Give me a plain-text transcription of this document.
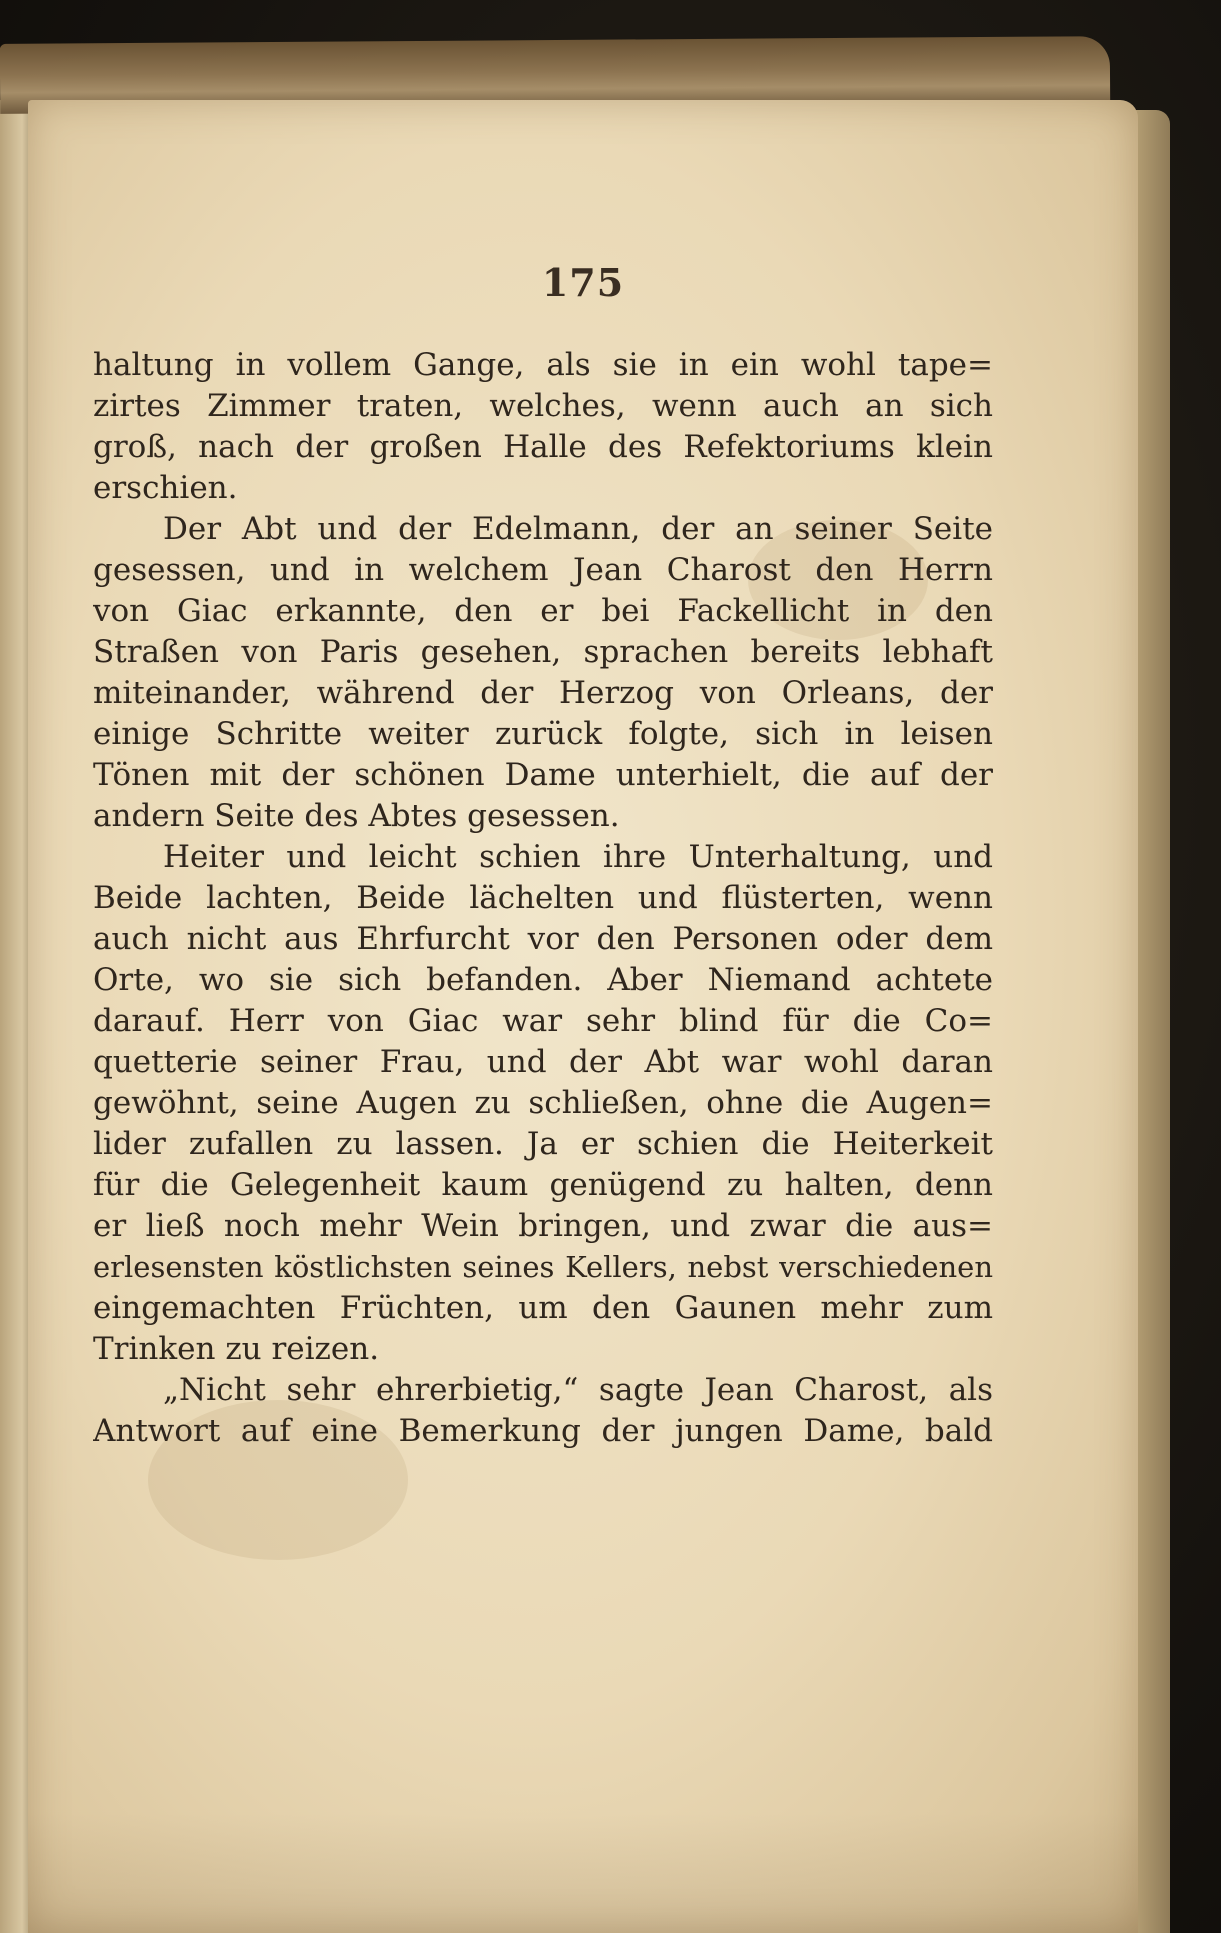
175
haltung in vollem Gange, als sie in ein wohl tape=
zirtes Zimmer traten, welches, wenn auch an sich
groß, nach der großen Halle des Refektoriums klein
erschien.
Der Abt und der Edelmann, der an seiner Seite
gesessen, und in welchem Jean Charost den Herrn
von Giac erkannte, den er bei Fackellicht in den
Straßen von Paris gesehen, sprachen bereits lebhaft
miteinander, während der Herzog von Orleans, der
einige Schritte weiter zurück folgte, sich in leisen
Tönen mit der schönen Dame unterhielt, die auf der
andern Seite des Abtes gesessen.
Heiter und leicht schien ihre Unterhaltung, und
Beide lachten, Beide lächelten und flüsterten, wenn
auch nicht aus Ehrfurcht vor den Personen oder dem
Orte, wo sie sich befanden. Aber Niemand achtete
darauf. Herr von Giac war sehr blind für die Co=
quetterie seiner Frau, und der Abt war wohl daran
gewöhnt, seine Augen zu schließen, ohne die Augen=
lider zufallen zu lassen. Ja er schien die Heiterkeit
für die Gelegenheit kaum genügend zu halten, denn
er ließ noch mehr Wein bringen, und zwar die aus=
erlesensten köstlichsten seines Kellers, nebst verschiedenen
eingemachten Früchten, um den Gaunen mehr zum
Trinken zu reizen.
„Nicht sehr ehrerbietig,“ sagte Jean Charost, als
Antwort auf eine Bemerkung der jungen Dame, bald
